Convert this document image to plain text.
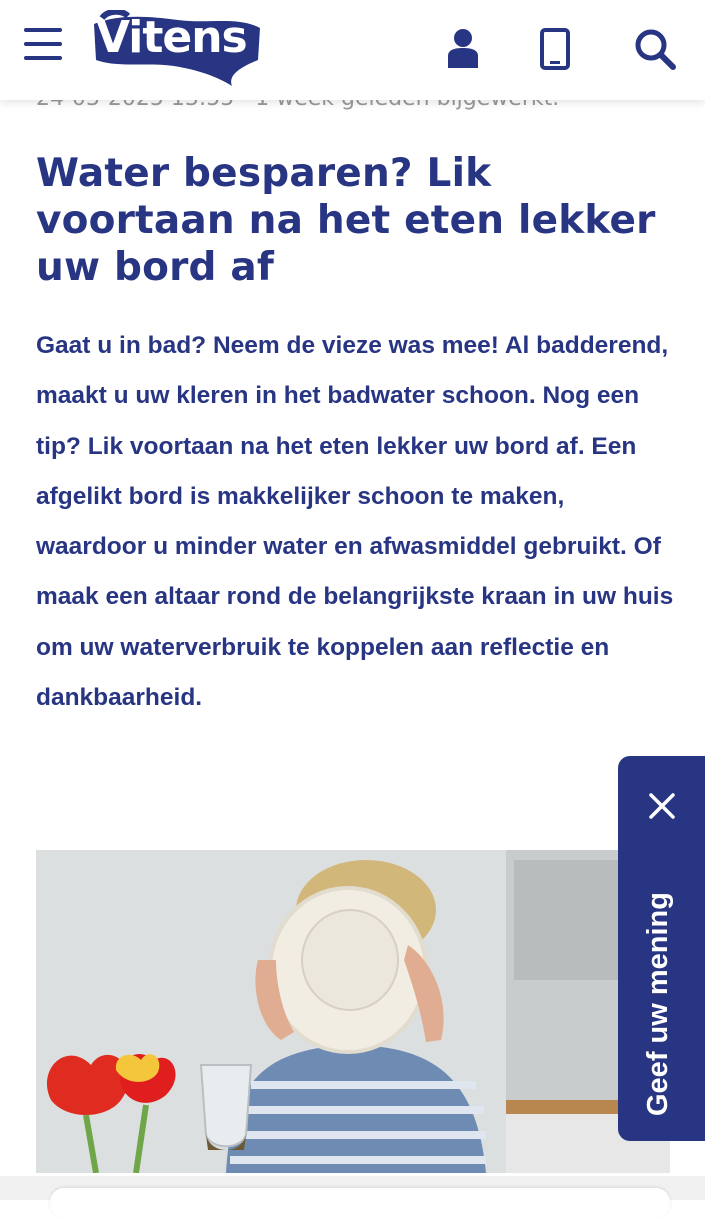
Vitens
Water besparen? Lik voortaan na het eten lekker uw bord af

Gaat u in bad? Neem de vieze was mee! Al badderend, maakt u uw kleren in het badwater schoon. Nog een tip? Lik voortaan na het eten lekker uw bord af. Een afgelikt bord is makkelijker schoon te maken, waardoor u minder water en afwasmiddel gebruikt. Of maak een altaar rond de belangrijkste kraan in uw huis om uw waterverbruik te koppelen aan reflectie en dankbaarheid.

Geef uw mening
